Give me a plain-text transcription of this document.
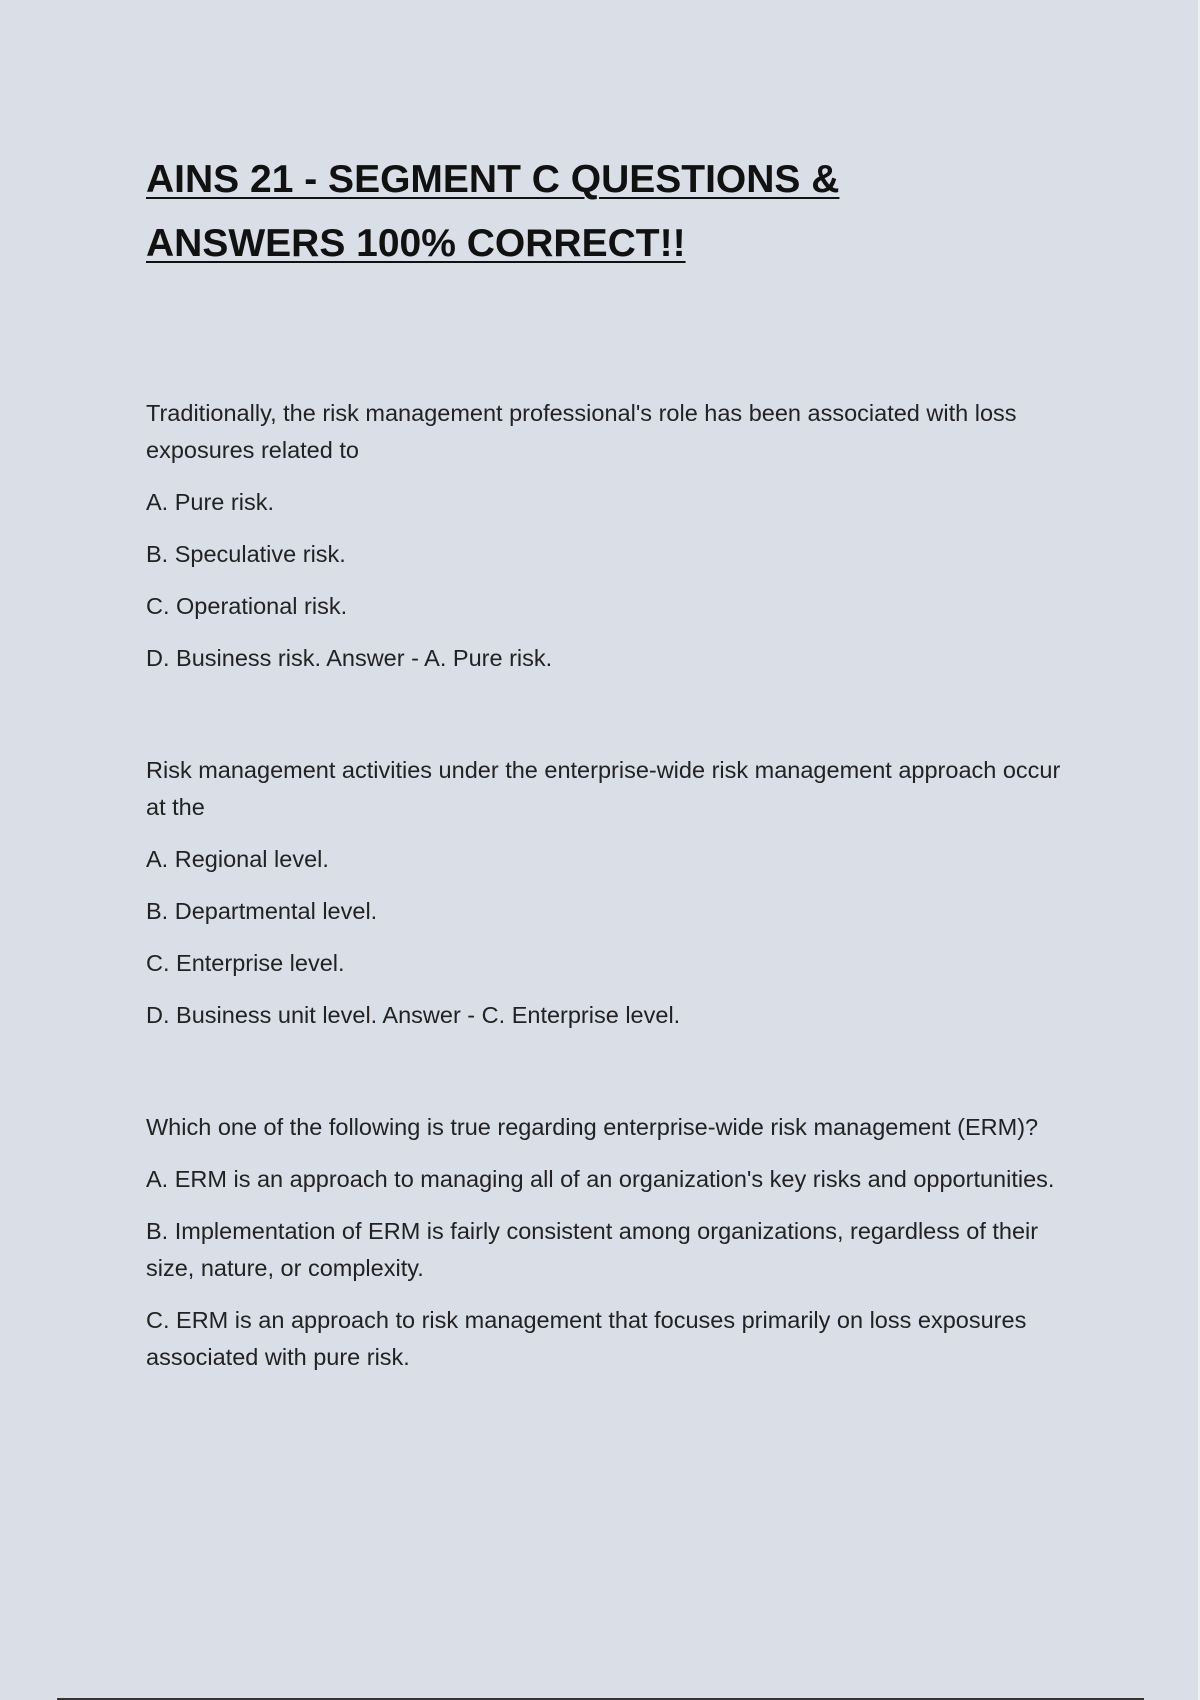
AINS 21 - SEGMENT C QUESTIONS &
ANSWERS 100% CORRECT!!

Traditionally, the risk management professional's role has been associated with loss exposures related to

A. Pure risk.

B. Speculative risk.

C. Operational risk.

D. Business risk. Answer - A. Pure risk.

Risk management activities under the enterprise-wide risk management approach occur at the

A. Regional level.

B. Departmental level.

C. Enterprise level.

D. Business unit level. Answer - C. Enterprise level.

Which one of the following is true regarding enterprise-wide risk management (ERM)?

A. ERM is an approach to managing all of an organization's key risks and opportunities.

B. Implementation of ERM is fairly consistent among organizations, regardless of their size, nature, or complexity.

C. ERM is an approach to risk management that focuses primarily on loss exposures associated with pure risk.
